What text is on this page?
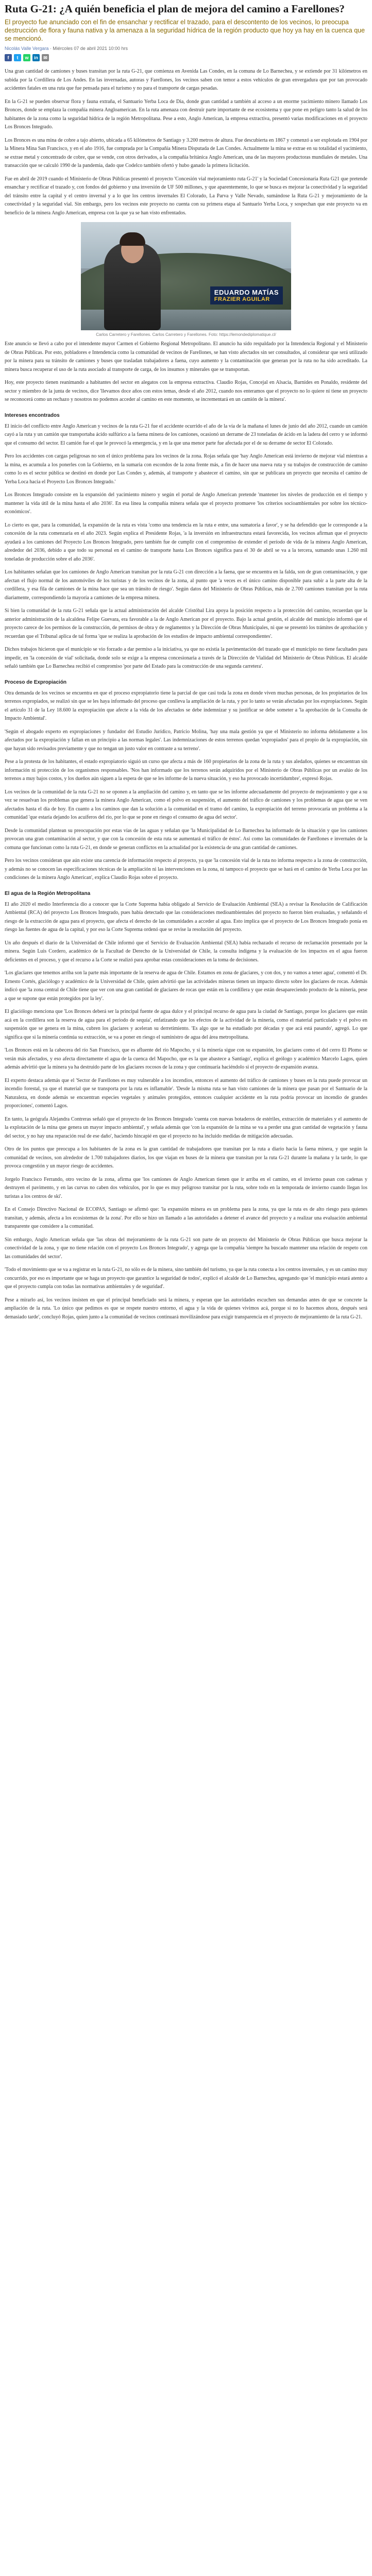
Ruta G-21: ¿A quién beneficia el plan de mejora del camino a Farellones?

El proyecto fue anunciado con el fin de ensanchar y rectificar el trazado, para el descontento de los vecinos, lo preocupa destrucción de flora y fauna nativa y la amenaza a la seguridad hídrica de la región producto que hoy ya hay en la cuenca que se mencionó.

Nicolás Valle Vergara · Miércoles 07 de abril 2021 10:00 hrs
f	t	w	in	✉

Una gran cantidad de camiones y buses transitan por la ruta G-21, que comienza en Avenida Las Condes, en la comuna de Lo Barnechea, y se extiende por 31 kilómetros en subida por la Cordillera de Los Andes. En las invernadas, autoras y Farellones, los vecinos saben con temor a estos vehículos de gran envergadura que por tan provocado accidentes fatales en una ruta que fue pensada para el turismo y no para el transporte de cargas pesadas.

En la G-21 se pueden observar flora y fauna extraña, el Santuario Yerba Loca de Dia, donde gran cantidad a también al acceso a un enorme yacimiento minero llamado Los Bronces, donde se emplaza la compañía minera Angloamerican. En la ruta amenaza con destruir parte importante de ese ecosistema y que pone en peligro tanto la salud de los habitantes de la zona como la seguridad hídrica de la región Metropolitana. Pese a esto, Anglo American, la empresa extractiva, presentó varias modificaciones en el proyecto Los Bronces Integrado.

Los Bronces es una mina de cobre a tajo abierto, ubicada a 65 kilómetros de Santiago y 3.200 metros de altura. Fue descubierta en 1867 y comenzó a ser explotada en 1904 por la Minera Mina San Francisco, y en el año 1916, fue comprada por la Compañía Minera Disputada de Las Condes. Actualmente la mina se extrae en su totalidad el yacimiento, se extrae metal y concentrado de cobre, que se vende, con otros derivados, a la compañía británica Anglo American, una de las mayores productoras mundiales de metales. Una transacción que se calculó 1990 de la pandemia, dado que Codelco también ofertó y hubo ganado la primera licitación.

Fue en abril de 2019 cuando el Ministerio de Obras Públicas presentó el proyecto 'Concesión vial mejoramiento ruta G-21' y la Sociedad Concesionaria Ruta G21 que pretende ensanchar y rectificar el trazado y, con fondos del gobierno y una inversión de UF 500 millones, y que aparentemente, lo que se busca es mejorar la conectividad y la seguridad del tránsito entre la capital y el centro invernal y a lo que los centros invernales El Colorado, La Parva y Valle Nevado, sumándose la Ruta G-21 y mejoramiento de la conectividad y la seguridad vial. Sin embargo, pero los vecinos este proyecto no cuenta con su primera etapa al Santuario Yerba Loca, y sospechan que este proyecto va en beneficio de la minera Anglo American, empresa con la que ya se han visto enfrentados.

EDUARDO MATÍAS
FRAZIER AGUILAR
Carlos Carretero y Farellones. Carlos Carretero y Farellones. Foto: https://lemondediplomatique.cl/

Este anuncio se llevó a cabo por el intendente mayor Carmen el Gobierno Regional Metropolitano. El anuncio ha sido respaldado por la Intendencia Regional y el Ministerio de Obras Públicas. Por esto, pobladores e Intendencia como la comunidad de vecinos de Farellones, se han visto afectados sin ser consultados, al considerar que será utilizado por la minera para su tránsito de camiones y buses que trasladan trabajadores a faena, cuyo aumento y la contaminación que generan por la ruta no ha sido acreditado. La minera busca recuperar el uso de la ruta asociado al transporte de carga, de los insumos y minerales que se transportan.

Hoy, este proyecto tienen reanimando a habitantes del sector en alegatos con la empresa extractiva. Claudio Rojas, Concejal en Alsacia, Barnides en Ponaldo, residente del sector y miembro de la junta de vecinos, dice 'llevamos doce años con estos temas, desde el año 2012, cuando nos enteramos que el proyecto no lo quiere ni tiene un proyecto se reconocerá como un rechazo y nosotros no podemos acceder al camino en este momento, se incrementará en un camión de la minera'.

Intereses encontrados

El inicio del conflicto entre Anglo American y vecinos de la ruta G-21 fue el accidente ocurrido el año de la vía de la mañana el lunes de junio del año 2012, cuando un camión cayó a la ruta y un camión que transportaba ácido sulfúrico a la faena minera de los camiones, ocasionó un derrame de 23 toneladas de ácido en la ladera del cerro y se informó que el consumo del sector. El camión fue el que le provocó la emergencia, y en la que una menor parte fue afectada por el de su derrame de sector El Colorado.

Pero los accidentes con cargas peligrosas no son el único problema para los vecinos de la zona. Rojas señala que 'hay Anglo American está invierno de mejorar vial mientras a la mina, es acumula a los ponerles con la Gobierno, en la sumaria con escondos de la zona frente más, a fin de hacer una nueva ruta y su trabajos de construcción de camino como lo es el sector pública se destinó en donde por Las Condes y, además, al transporte y abastecer el camino, sin que se publicara un proyecto que necesita el camino de Yerba Loca hacia el Proyecto Los Bronces Integrado.'

Los Bronces Integrado consiste en la expansión del yacimiento minero y según el portal de Anglo American pretende 'mantener los niveles de producción en el tiempo y mantener la vida útil de la mina hasta el año 2036'. En esa línea la compañía minera señala que el proyecto promueve 'los criterios socioambientales por sobre los técnico-económicos'.

Lo cierto es que, para la comunidad, la expansión de la ruta es vista 'como una tendencia en la ruta e entre, una sumatoria a favor', y se ha defendido que le corresponde a la concesión de la ruta comenzaría en el año 2023. Según explica el Presidente Rojas, 'a la inversión en infraestructura estará favorecida, los vecinos afirman que el proyecto ayudará a los camiones del Proyecto Los Bronces Integrado, pero también fue de cumplir con el compromiso de extender el período de vida de la minera Anglo American, alrededor del 2036, debido a que todo su personal en el camino de transporte hasta Los Bronces significa para el 30 de abril se va a la tercera, sumando unas 1.260 mil toneladas de producción sobre el año 2036'.

Los habitantes señalan que los camiones de Anglo American transitan por la ruta G-21 con dirección a la faena, que se encuentra en la falda, son de gran contaminación, y que afectan el flujo normal de los automóviles de los turistas y de los vecinos de la zona, al punto que 'a veces es el único camino disponible para subir a la parte alta de la cordillera, y esa fila de camiones de la mina hace que sea un tránsito de riesgo'. Según datos del Ministerio de Obras Públicas, más de 2.700 camiones transitan por la ruta diariamente, correspondiendo la mayoría a camiones de la empresa minera.

Si bien la comunidad de la ruta G-21 señala que la actual administración del alcalde Cristóbal Lira apoya la posición respecto a la protección del camino, recuerdan que la anterior administración de la alcaldesa Felipe Guevara, era favorable a la de Anglo American por el proyecto. Bajo la actual gestión, el alcalde del municipio informó que el proyecto carece de los permisos de la construcción, de permisos de obra y de reglamentos y la Dirección de Obras Municipales, ni que se presentó los trámites de aprobación y recuerdan que el Tribunal aplica de tal forma 'que se realiza la aprobación de los estudios de impacto ambiental correspondientes'.

Dichos trabajos hicieron que el municipio se vio forzado a dar permiso a la iniciativa, ya que no existía la pavimentación del trazado que el municipio no tiene facultades para impedir, en 'la concesión de vial' solicitada, donde solo se exige a la empresa concesionaria a través de la Dirección de Vialidad del Ministerio de Obras Públicas. El alcalde señaló también que Lo Barnechea recibió el compromiso 'por parte del Estado para la construcción de una segunda carretera'.

Proceso de Expropiación

Otra demanda de los vecinos se encuentra en que el proceso expropiatorio tiene la parcial de que casi toda la zona en donde viven muchas personas, de los propietarios de los terrenos expropiados, se realizó sin que se les haya informado del proceso que conlleva la ampliación de la ruta, y por lo tanto se verán afectadas por los expropiaciones. Según el artículo 31 de la Ley 18.600 la expropiación que afecte a la vida de los afectados se debe indemnizar y su justificar se debe someter a 'la aprobación de la Consulta de Impacto Ambiental'.

'Según el abogado experto en expropiaciones y fundador del Estudio Jurídico, Patricio Molina, 'hay una mala gestión ya que el Ministerio no informa debidamente a los afectados por la expropiación y fallan en un principio a las normas legales'. Las indemnizaciones de estos terrenos quedan 'expropiados' para el propio de la expropiación, sin que hayan sido revisados previamente y que no tengan un justo valor en contraste a su terreno'.

Pese a la protesta de los habitantes, el estado expropiatorio siguió un curso que afecta a más de 160 propietarios de la zona de la ruta y sus aledaños, quienes se encuentran sin información ni protección de los organismos responsables. 'Nos han informado que los terrenos serán adquiridos por el Ministerio de Obras Públicas por un avalúo de los terrenos a muy bajos costos, y los dueños aún siguen a la espera de que se les informe de la nueva situación, y eso ha provocado incertidumbre', expresó Rojas.

Los vecinos de la comunidad de la ruta G-21 no se oponen a la ampliación del camino y, en tanto que se les informe adecuadamente del proyecto de mejoramiento y que a su vez se resuelvan los problemas que genera la minera Anglo American, como el polvo en suspensión, el aumento del tráfico de camiones y los problemas de agua que se ven afectados hasta el día de hoy. En cuanto a los caminos que dan la solución a la comunidad en el tramo del camino, la expropiación del terreno provocaría un problema a la comunidad 'que estaría dejando los acuíferos del río, por lo que se pone en riesgo el consumo de agua del sector'.

Desde la comunidad plantean su preocupación por estas vías de las aguas y señalan que 'la Municipalidad de Lo Barnechea ha informado de la situación y que los camiones provocan una gran contaminación al sector, y que con la concesión de esta ruta se aumentará el tráfico de éstos'. Así como las comunidades de Farellones e invernales de la comuna que funcionan como la ruta G-21, en donde se generan conflictos en la actualidad por la existencia de una gran cantidad de camiones.

Pero los vecinos consideran que aún existe una carencia de información respecto al proyecto, ya que 'la concesión vial de la ruta no informa respecto a la zona de construcción, y además no se conocen las especificaciones técnicas de la ampliación ni las intervenciones en la zona, ni tampoco el proyecto que se hará en el camino de Yerba Loca por las condiciones de la minera Anglo American', explica Claudio Rojas sobre el proyecto.

El agua de la Región Metropolitana

El año 2020 el medio Interferencia dio a conocer que la Corte Suprema había obligado al Servicio de Evaluación Ambiental (SEA) a revisar la Resolución de Calificación Ambiental (RCA) del proyecto Los Bronces Integrado, pues había detectado que las consideraciones medioambientales del proyecto no fueron bien evaluadas, y señalando el riesgo de la extracción de agua para el proyecto, que afecta el derecho de las comunidades a acceder al agua. Esto implica que el proyecto de Los Bronces Integrado ponía en riesgo las fuentes de agua de la capital, y por eso la Corte Suprema ordenó que se revise la resolución del proyecto.

Un año después el diario de la Universidad de Chile informó que el Servicio de Evaluación Ambiental (SEA) había rechazado el recurso de reclamación presentado por la minera. Según Luis Cordero, académico de la Facultad de Derecho de la Universidad de Chile, la consulta indígena y la evaluación de los impactos en el agua fueron deficientes en el proceso, y que el recurso a la Corte se realizó para aprobar estas consideraciones en la toma de decisiones.

'Los glaciares que tenemos arriba son la parte más importante de la reserva de agua de Chile. Estamos en zona de glaciares, y con dos, y no vamos a tener agua', comentó el Dr. Ernesto Cortés, glaciólogo y académico de la Universidad de Chile, quien advirtió que las actividades mineras tienen un impacto directo sobre los glaciares de rocas. Además indicó que 'la zona central de Chile tiene que ver con una gran cantidad de glaciares de rocas que están en la cordillera y que están desapareciendo producto de la minería, pese a que se supone que están protegidos por la ley'.

El glaciólogo menciona que 'Los Bronces deberá ser la principal fuente de agua dulce y el principal recurso de agua para la ciudad de Santiago, porque los glaciares que están acá en la cordillera son la reserva de agua para el periodo de sequía', enfatizando que los efectos de la actividad de la minería, como el material particulado y el polvo en suspensión que se genera en la mina, cubren los glaciares y aceleran su derretimiento. 'Es algo que se ha estudiado por décadas y que acá está pasando', agregó. Lo que significa que si la minería continúa su extracción, se va a poner en riesgo el suministro de agua del área metropolitana.

'Los Bronces está en la cabecera del río San Francisco, que es afluente del río Mapocho, y si la minería sigue con su expansión, los glaciares como el del cerro El Plomo se verán más afectados, y eso afecta directamente el agua de la cuenca del Mapocho, que es la que abastece a Santiago', explica el geólogo y académico Marcelo Lagos, quien además advirtió que la minera ya ha destruido parte de los glaciares rocosos de la zona y que continuaría haciéndolo si el proyecto de expansión avanza.

El experto destaca además que el 'Sector de Farellones es muy vulnerable a los incendios, entonces el aumento del tráfico de camiones y buses en la ruta puede provocar un incendio forestal, ya que el material que se transporta por la ruta es inflamable'. 'Desde la misma ruta se han visto camiones de la minera que pasan por el Santuario de la Naturaleza, en donde además se encuentran especies vegetales y animales protegidos, entonces cualquier accidente en la ruta podría provocar un incendio de grandes proporciones', comentó Lagos.

En tanto, la geógrafa Alejandra Contreras señaló que el proyecto de los Bronces Integrado 'cuenta con nuevas botaderos de estériles, extracción de materiales y el aumento de la explotación de la mina que genera un mayor impacto ambiental', y señala además que 'con la expansión de la mina se va a perder una gran cantidad de vegetación y fauna del sector, y no hay una reparación real de ese daño', haciendo hincapié en que el proyecto no ha incluido medidas de mitigación adecuadas.

Otro de los puntos que preocupa a los habitantes de la zona es la gran cantidad de trabajadores que transitan por la ruta a diario hacia la faena minera, y que según la comunidad de vecinos, son alrededor de 1.700 trabajadores diarios, los que viajan en buses de la minera que transitan por la ruta G-21 durante la mañana y la tarde, lo que provoca congestión y un mayor riesgo de accidentes.

Jorgelo Francisco Ferrando, otro vecino de la zona, afirma que 'los camiones de Anglo American tienen que ir arriba en el camino, en el invierno pasan con cadenas y destruyen el pavimento, y en las curvas no caben dos vehículos, por lo que es muy peligroso transitar por la ruta, sobre todo en la temporada de invierno cuando llegan los turistas a los centros de ski'.

En el Consejo Directivo Nacional de ECOPAS, Santiago se afirmó que: 'la expansión minera es un problema para la zona, ya que la ruta es de alto riesgo para quienes transitan, y además, afecta a los ecosistemas de la zona'. Por ello se hizo un llamado a las autoridades a detener el avance del proyecto y a realizar una evaluación ambiental transparente que considere a la comunidad.

Sin embargo, Anglo American señala que 'las obras del mejoramiento de la ruta G-21 son parte de un proyecto del Ministerio de Obras Públicas que busca mejorar la conectividad de la zona, y que no tiene relación con el proyecto Los Bronces Integrado', y agrega que la compañía 'siempre ha buscado mantener una relación de respeto con las comunidades del sector'.

'Todo el movimiento que se va a registrar en la ruta G-21, no sólo es de la minera, sino también del turismo, ya que la ruta conecta a los centros invernales, y es un camino muy concurrido, por eso es importante que se haga un proyecto que garantice la seguridad de todos', explicó el alcalde de Lo Barnechea, agregando que 'el municipio estará atento a que el proyecto cumpla con todas las normativas ambientales y de seguridad'.

Pese a mirarlo así, los vecinos insisten en que el principal beneficiado será la minera, y esperan que las autoridades escuchen sus demandas antes de que se concrete la ampliación de la ruta. 'Lo único que pedimos es que se respete nuestro entorno, el agua y la vida de quienes vivimos acá, porque si no lo hacemos ahora, después será demasiado tarde', concluyó Rojas, quien junto a la comunidad de vecinos continuará movilizándose para exigir transparencia en el proyecto de mejoramiento de la ruta G-21.
